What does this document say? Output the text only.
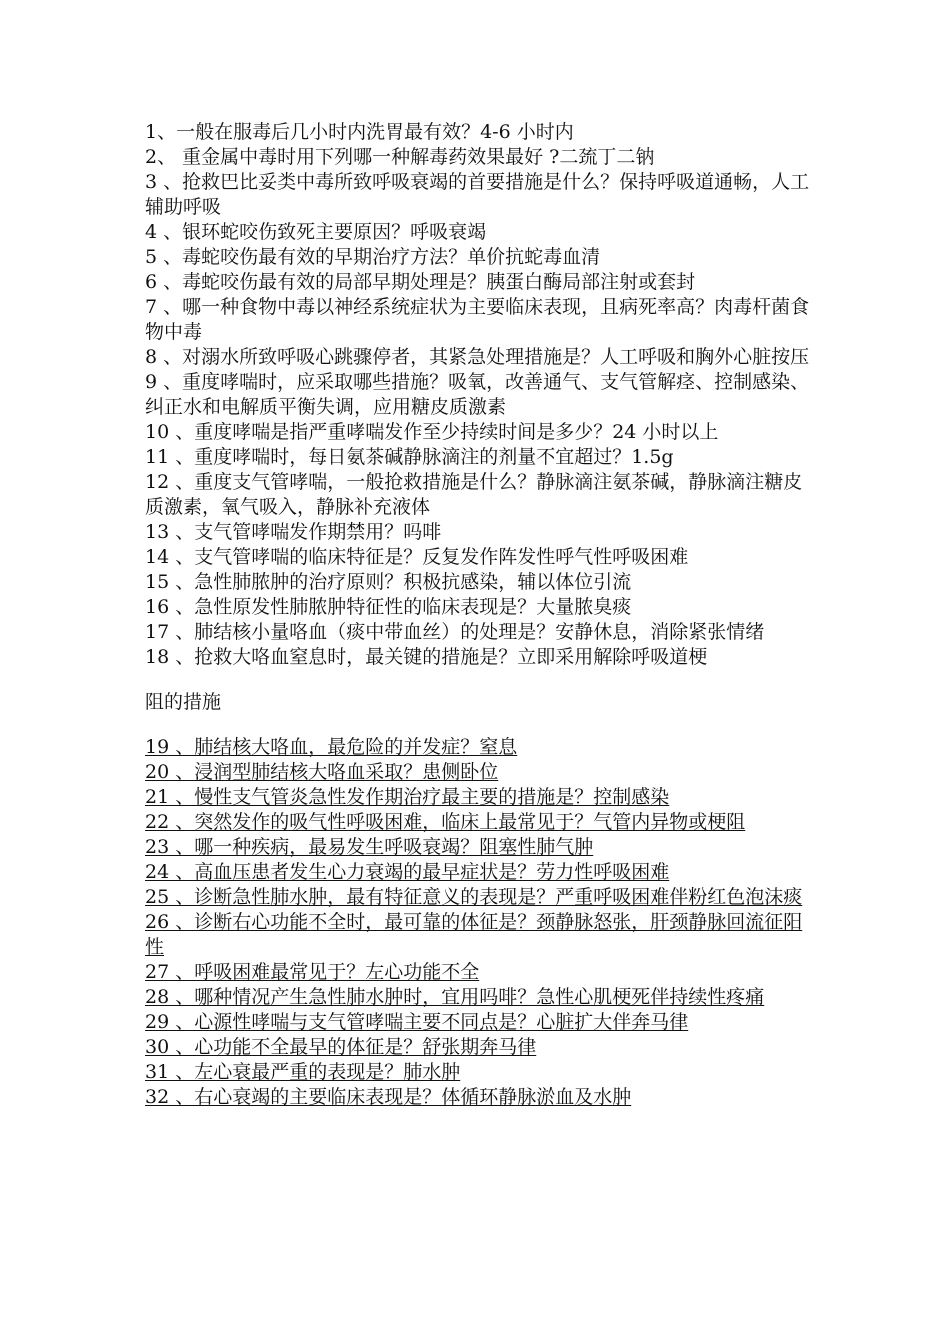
1、一般在服毒后几小时内洗胃最有效？4-6 小时内

2、 重金属中毒时用下列哪一种解毒药效果最好 ?二巯丁二钠

3 、抢救巴比妥类中毒所致呼吸衰竭的首要措施是什么？保持呼吸道通畅，人工辅助呼吸

4 、银环蛇咬伤致死主要原因？呼吸衰竭

5 、毒蛇咬伤最有效的早期治疗方法？单价抗蛇毒血清

6 、毒蛇咬伤最有效的局部早期处理是？胰蛋白酶局部注射或套封

7 、哪一种食物中毒以神经系统症状为主要临床表现，且病死率高？肉毒杆菌食物中毒

8 、对溺水所致呼吸心跳骤停者，其紧急处理措施是？人工呼吸和胸外心脏按压

9 、重度哮喘时，应采取哪些措施？吸氧，改善通气、支气管解痉、控制感染、纠正水和电解质平衡失调，应用糖皮质激素

10 、重度哮喘是指严重哮喘发作至少持续时间是多少？24 小时以上

11 、重度哮喘时，每日氨茶碱静脉滴注的剂量不宜超过？1.5g

12 、重度支气管哮喘，一般抢救措施是什么？静脉滴注氨茶碱，静脉滴注糖皮质激素，氧气吸入，静脉补充液体

13 、支气管哮喘发作期禁用？吗啡

14 、支气管哮喘的临床特征是？反复发作阵发性呼气性呼吸困难

15 、急性肺脓肿的治疗原则？积极抗感染，辅以体位引流

16 、急性原发性肺脓肿特征性的临床表现是？大量脓臭痰

17 、肺结核小量咯血（痰中带血丝）的处理是？安静休息，消除紧张情绪

18 、抢救大咯血窒息时，最关键的措施是？立即采用解除呼吸道梗

阻的措施

19 、肺结核大咯血，最危险的并发症？窒息

20 、浸润型肺结核大咯血采取？患侧卧位

21 、慢性支气管炎急性发作期治疗最主要的措施是？控制感染

22 、突然发作的吸气性呼吸困难，临床上最常见于？气管内异物或梗阻

23 、哪一种疾病，最易发生呼吸衰竭？阻塞性肺气肿

24 、高血压患者发生心力衰竭的最早症状是？劳力性呼吸困难

25 、诊断急性肺水肿，最有特征意义的表现是？严重呼吸困难伴粉红色泡沫痰

26 、诊断右心功能不全时，最可靠的体征是？颈静脉怒张，肝颈静脉回流征阳性

27 、呼吸困难最常见于？左心功能不全

28 、哪种情况产生急性肺水肿时，宜用吗啡？急性心肌梗死伴持续性疼痛

29 、心源性哮喘与支气管哮喘主要不同点是？心脏扩大伴奔马律

30 、心功能不全最早的体征是？舒张期奔马律

31 、左心衰最严重的表现是？肺水肿

32 、右心衰竭的主要临床表现是？体循环静脉淤血及水肿
